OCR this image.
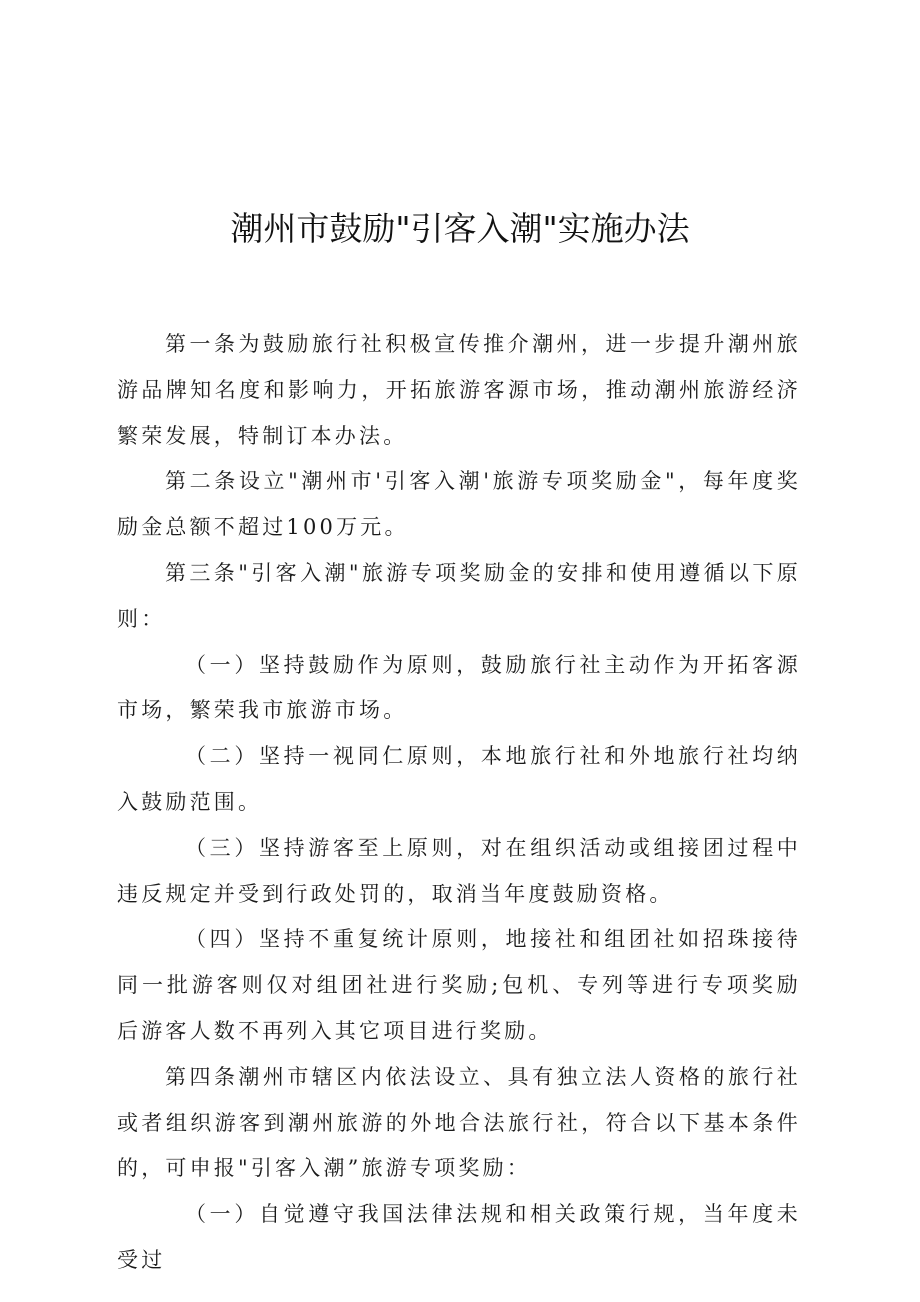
潮州市鼓励"引客入潮"实施办法

第一条为鼓励旅行社积极宣传推介潮州，进一步提升潮州旅游品牌知名度和影响力，开拓旅游客源市场，推动潮州旅游经济繁荣发展，特制订本办法。

第二条设立"潮州市'引客入潮'旅游专项奖励金"，每年度奖励金总额不超过100万元。

第三条"引客入潮"旅游专项奖励金的安排和使用遵循以下原则：

（一）坚持鼓励作为原则，鼓励旅行社主动作为开拓客源市场，繁荣我市旅游市场。

（二）坚持一视同仁原则，本地旅行社和外地旅行社均纳入鼓励范围。

（三）坚持游客至上原则，对在组织活动或组接团过程中违反规定并受到行政处罚的，取消当年度鼓励资格。

（四）坚持不重复统计原则，地接社和组团社如招珠接待同一批游客则仅对组团社进行奖励;包机、专列等进行专项奖励后游客人数不再列入其它项目进行奖励。

第四条潮州市辖区内依法设立、具有独立法人资格的旅行社或者组织游客到潮州旅游的外地合法旅行社，符合以下基本条件的，可申报"引客入潮”旅游专项奖励：

（一）自觉遵守我国法律法规和相关政策行规，当年度未受过
